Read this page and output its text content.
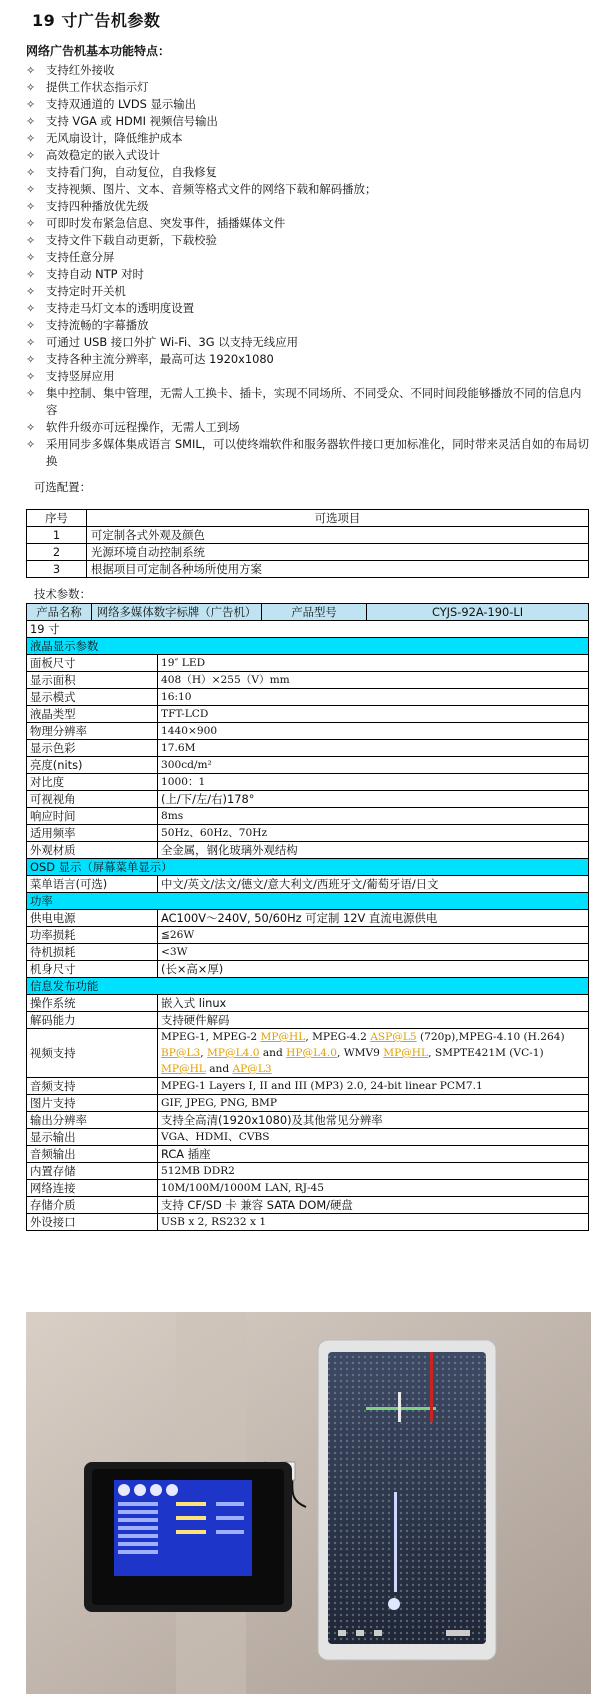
19 寸广告机参数
网络广告机基本功能特点：
✧ 支持红外接收
✧ 提供工作状态指示灯
✧ 支持双通道的 LVDS 显示输出
✧ 支持 VGA 或 HDMI 视频信号输出
✧ 无风扇设计，降低维护成本
✧ 高效稳定的嵌入式设计
✧ 支持看门狗，自动复位，自我修复
✧ 支持视频、图片、文本、音频等格式文件的网络下载和解码播放；
✧ 支持四种播放优先级
✧ 可即时发布紧急信息、突发事件，插播媒体文件
✧ 支持文件下载自动更新，下载校验
✧ 支持任意分屏
✧ 支持自动 NTP 对时
✧ 支持定时开关机
✧ 支持走马灯文本的透明度设置
✧ 支持流畅的字幕播放
✧ 可通过 USB 接口外扩 Wi-Fi、3G 以支持无线应用
✧ 支持各种主流分辨率，最高可达 1920x1080
✧ 支持竖屏应用
✧ 集中控制、集中管理，无需人工换卡、插卡，实现不同场所、不同受众、不同时间段能够播放不同的信息内容
✧ 软件升级亦可远程操作，无需人工到场
✧ 采用同步多媒体集成语言 SMIL，可以使终端软件和服务器软件接口更加标准化，同时带来灵活自如的布局切换
可选配置：
序号	可选项目
1	可定制各式外观及颜色
2	光源环境自动控制系统
3	根据项目可定制各种场所使用方案
技术参数：
产品名称	网络多媒体数字标牌（广告机）		产品型号	CYJS-92A-190-LI
19 寸				
液晶显示参数				
面板尺寸		19″ LED		
显示面积		408（H）×255（V）mm		
显示模式		16:10		
液晶类型		TFT-LCD		
物理分辨率		1440×900		
显示色彩		17.6M		
亮度(nits)		300cd/m²		
对比度		1000：1		
可视视角		(上/下/左/右)178°		
响应时间		8ms		
适用频率		50Hz、60Hz、70Hz		
外观材质		全金属，钢化玻璃外观结构		
OSD 显示（屏幕菜单显示）				
菜单语言(可选)		中文/英文/法文/德文/意大利文/西班牙文/葡萄牙语/日文		
功率				
供电电源		AC100V～240V, 50/60Hz 可定制 12V 直流电源供电		
功率损耗		≦26W		
待机损耗		<3W		
机身尺寸		(长×高×厚)		
信息发布功能				
操作系统		嵌入式 linux		
解码能力		支持硬件解码		
视频支持		MPEG-1, MPEG-2 MP@HL, MPEG-4.2 ASP@L5 (720p),MPEG-4.10 (H.264) BP@L3, MP@L4.0 and HP@L4.0, WMV9 MP@HL, SMPTE421M (VC-1) MP@HL and AP@L3		
音频支持		MPEG-1 Layers I, II and III (MP3) 2.0, 24-bit linear PCM7.1		
图片支持		GIF, JPEG, PNG, BMP		
输出分辨率		支持全高清(1920x1080)及其他常见分辨率		
显示输出		VGA、HDMI、CVBS		
音频输出		RCA 插座		
内置存储		512MB DDR2		
网络连接		10M/100M/1000M LAN, RJ-45		
存储介质		支持 CF/SD 卡 兼容 SATA DOM/硬盘		
外设接口		USB x 2, RS232 x 1		
